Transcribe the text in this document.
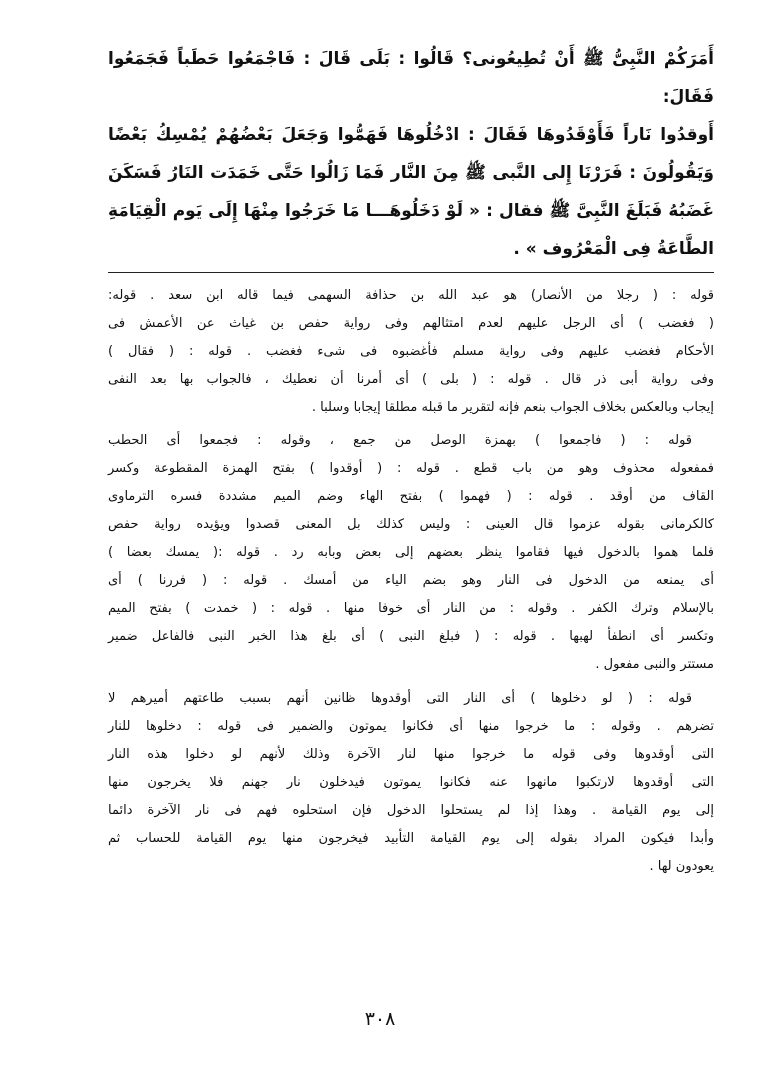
أَمَرَكُمْ النَّبِىُّ ﷺ أَنْ تُطِيعُونى؟ قَالُوا : بَلَى قَالَ : فَاجْمَعُوا حَطَباً فَجَمَعُوا فَقَالَ:
أَوقدُوا نَاراً فَأَوْقَدُوهَا فَقَالَ : ادْخُلُوهَا فَهَمُّوا وَجَعَلَ بَعْضُهُمْ يُمْسِكُ بَعْضًا
وَيَقُولُونَ : فَرَرْنَا إِلى النَّبى ﷺ مِنَ النَّار فَمَا زَالُوا حَتَّى خَمَدَت النَارُ فَسَكَنَ
غَضَبُهُ فَبَلَغَ النَّبِىَّ ﷺ فقال : « لَوْ دَخَلُوهَـــا مَا خَرَجُوا مِنْهَا إِلَى يَوم الْقِيَامَةِ
الطَّاعَةُ فِى الْمَعْرُوف » .
قوله : ( رجلا من الأنصار) هو عبد الله بن حذافة السهمى فيما قاله ابن سعد . قوله:
( فغضب ) أى الرجل عليهم لعدم امتثالهم وفى رواية حفص بن غياث عن الأعمش فى
الأحكام فغضب عليهم وفى رواية مسلم فأغضبوه فى شىء فغضب . قوله : ( فقال )
وفى رواية أبى ذر قال . قوله : ( بلى ) أى أمرنا أن نعطيك ، فالجواب بها بعد النفى
إيجاب وبالعكس بخلاف الجواب بنعم فإنه لتقرير ما قبله مطلقا إيجابا وسلبا .
قوله : ( فاجمعوا ) بهمزة الوصل من جمع ، وقوله : فجمعوا أى الحطب
فمفعوله محذوف وهو من باب قطع . قوله : ( أوقدوا ) بفتح الهمزة المقطوعة وكسر
القاف من أوقد . قوله : ( فهموا ) بفتح الهاء وضم الميم مشددة فسره الترماوى
كالكرمانى بقوله عزموا قال العينى : وليس كذلك بل المعنى قصدوا ويؤيده رواية حفص
فلما هموا بالدخول فيها فقاموا ينظر بعضهم إلى بعض وبابه رد . قوله :( يمسك بعضا )
أى يمنعه من الدخول فى النار وهو بضم الياء من أمسك . قوله : ( فررنا ) أى
بالإسلام وترك الكفر . وقوله : من النار أى خوفا منها . قوله : ( خمدت ) بفتح الميم
وتكسر أى انطفأ لهبها . قوله : ( فبلغ النبى ) أى بلغ هذا الخبر النبى فالفاعل ضمير
مستتر والنبى مفعول .
قوله : ( لو دخلوها ) أى النار التى أوقدوها ظانين أنهم بسبب طاعتهم أميرهم لا
تضرهم . وقوله : ما خرجوا منها أى فكانوا يموتون والضمير فى قوله : دخلوها للنار
التى أوقدوها وفى قوله ما خرجوا منها لنار الآخرة وذلك لأنهم لو دخلوا هذه النار
التى أوقدوها لارتكبوا مانهوا عنه فكانوا يموتون فيدخلون نار جهنم فلا يخرجون منها
إلى يوم القيامة . وهذا إذا لم يستحلوا الدخول فإن استحلوه فهم فى نار الآخرة دائما
وأبدا فيكون المراد بقوله إلى يوم القيامة التأبيد فيخرجون منها يوم القيامة للحساب ثم
يعودون لها .
٣٠٨
